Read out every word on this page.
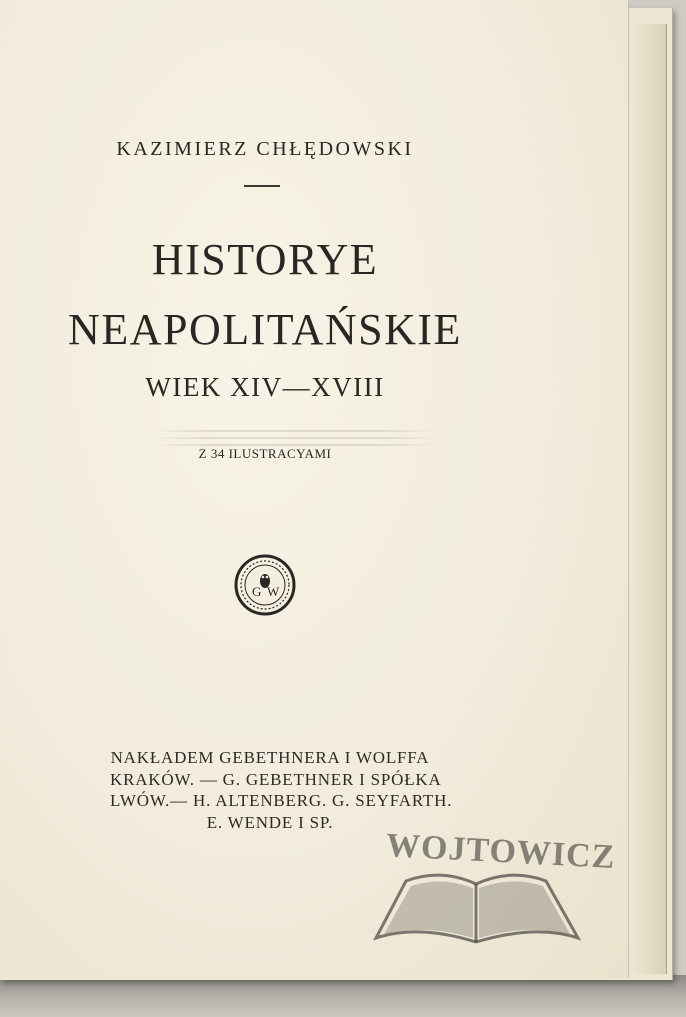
KAZIMIERZ CHŁĘDOWSKI
HISTORYE
NEAPOLITAŃSKIE
WIEK XIV—XVIII
Z 34 ILUSTRACYAMI
G W
NAKŁADEM GEBETHNERA I WOLFFA
KRAKÓW. — G. GEBETHNER I SPÓŁKA
LWÓW.— H. ALTENBERG. G. SEYFARTH.
E. WENDE I SP.
WOJTOWICZ
